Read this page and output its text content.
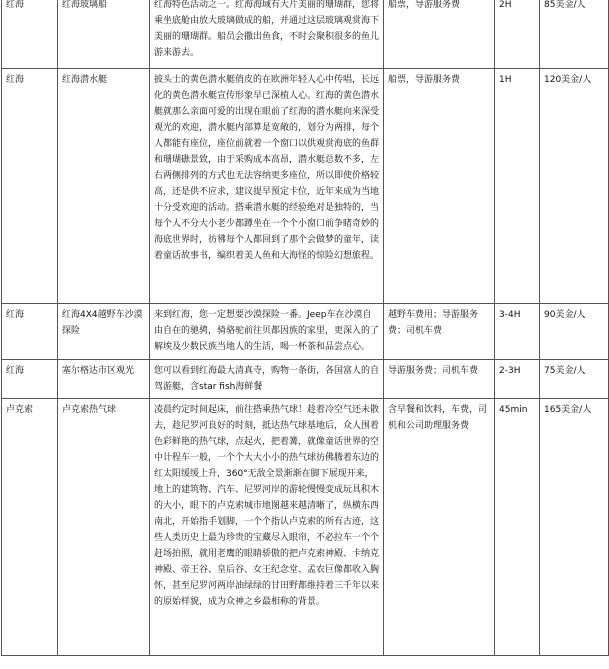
红海	红海玻璃船	红海特色活动之一。红海海域有大片美丽的珊瑚群，您将乘坐底舱由放大玻璃做成的船，并通过这层玻璃观赏海下美丽的珊瑚群。船员会撒出鱼食，不时会聚积很多的鱼儿游来游去。	船票，导游服务费	2H	85美金/人
红海	红海潜水艇	披头士的黄色潜水艇俏皮的在欧洲年轻人心中传唱，长远化的黄色潜水艇宣传形象早已深植人心。红海的黄色潜水艇就那么亲面可爱的出现在眼前了红海的潜水艇向来深受观光的欢迎，潜水艇内部算是宽敞的，划分为两排，每个人都能有座位，座位前就着一个窗口以供观赏海底的鱼群和珊瑚礁景致，由于采购成本高昂，潜水艇总数不多，左右两侧排列的方式也无法容纳更多座位，所以即使价格较高，还是供不应求，建议提早预定卡位，近年来成为当地十分受欢迎的活动。搭乘潜水艇的经验绝对是独特的，当每个人不分大小老少都蹲坐在一个个小窗口前争睹奇妙的海底世界时，彷彿每个人都回到了那个会做梦的童年，读着童话故事书，编织着美人鱼和大海怪的惊险幻想旅程。	船票，导游服务费	1H	120美金/人
红海	红海4X4越野车沙漠探险	来到红海，您一定想要沙漠探险一番。Jeep车在沙漠自由自在的驰骋，骑骆驼前往贝都因族的家里，更深入的了解埃及少数民族当地人的生活，喝一杯茶和品尝点心。	越野车费用；导游服务费；司机车费	3-4H	90美金/人
红海	塞尔格达市区观光	您可以看到红海最大清真寺，购物一条街，各国富人的自驾游艇，含star fish海鲜餐	导游服务费；司机车费	2-3H	75美金/人
卢克索	卢克索热气球	凌晨约定时间起床，前往搭乘热气球！趁着冷空气还未散去，趁尼罗河良好的时刻，抵达热气球基地后，众人围着色彩鲜艳的热气球，点起火，把着篝，就像童话世界的空中计程车一般，一个个大大小小的热气球彷佛腾着东边的红太阳缓缓上升，360°无敌全景渐渐在脚下展现开来，地上的建筑物、汽车、尼罗河岸的游轮慢慢变成玩具积木的大小，眼下的卢克索城市地图越来越清晰了，纵横东西南北，开始指手划脚，一个个指认卢克索的所有古迹，这些人类历史上最为珍贵的宝藏尽入眼帘，不必拉车一个个赶场拍照，就用老鹰的眼睛骄傲的把卢克索神殿、卡纳克神殿、帝王谷、皇后谷、女王纪念堂、孟农巨像都收入胸怀，甚至尼罗河两岸油绿绿的甘田野都维持着三千年以来的原始样貌，成为众神之乡最相称的背景。	含早餐和饮料，车费，司机和公司助理服务费	45min	165美金/人
